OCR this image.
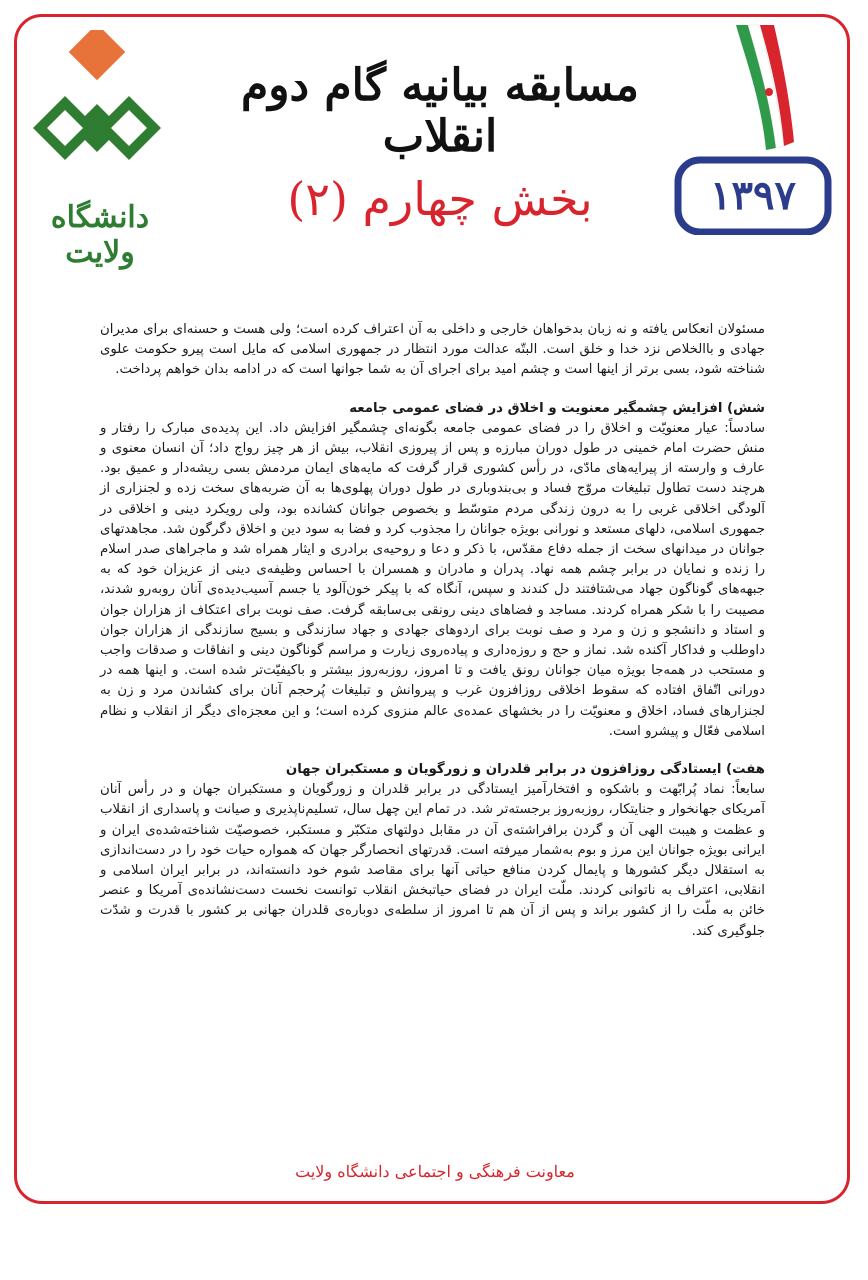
دانشگاه ولایت
۱۳۹۷
مسابقه بیانیه گام دوم انقلاب
بخش چهارم (۲)

مسئولان انعکاس یافته و نه زبان بدخواهان خارجی و داخلی به آن اعتراف کرده است؛ ولی هست و حسنه‌ای برای مدیران جهادی و باالخلاص نزد خدا و خلق است. البتّه عدالت مورد انتظار در جمهوری اسلامی که مایل است پیرو حکومت علوی شناخته شود، بسی برتر از اینها است و چشم امید برای اجرای آن به شما جوانها است که در ادامه بدان خواهم پرداخت.

شش) افزایش چشمگیر معنویت و اخلاق در فضای عمومی جامعه

سادساً: عیار معنویّت و اخلاق را در فضای عمومی جامعه بگونه‌ای چشمگیر افزایش داد. این پدیده‌ی مبارک را رفتار و منش حضرت امام خمینی در طول دوران مبارزه و پس از پیروزی انقلاب، بیش از هر چیز رواج داد؛ آن انسان معنوی و عارف و وارسته از پیرایه‌های مادّی، در رأس کشوری قرار گرفت که مایه‌های ایمان مردمش بسی ریشه‌دار و عمیق بود. هرچند دست تطاول تبلیغات مروّج فساد و بی‌بندوباری در طول دوران پهلوی‌ها به آن ضربه‌های سخت زده و لجنزاری از آلودگی اخلاقی غربی را به درون زندگی مردم متوسّط و بخصوص جوانان کشانده بود، ولی رویکرد دینی و اخلاقی در جمهوری اسلامی، دلهای مستعد و نورانی بویژه جوانان را مجذوب کرد و فضا به سود دین و اخلاق دگرگون شد. مجاهدتهای جوانان در میدانهای سخت از جمله دفاع مقدّس، با ذکر و دعا و روحیه‌ی برادری و ایثار همراه شد و ماجراهای صدر اسلام را زنده و نمایان در برابر چشم همه نهاد. پدران و مادران و همسران با احساس وظیفه‌ی دینی از عزیزان خود که به جبهه‌های گوناگون جهاد می‌شتافتند دل کندند و سپس، آنگاه که با پیکر خون‌آلود یا جسم آسیب‌دیده‌ی آنان روبه‌رو شدند، مصیبت را با شکر همراه کردند. مساجد و فضاهای دینی رونقی بی‌سابقه گرفت. صف نوبت برای اعتکاف از هزاران جوان و استاد و دانشجو و زن و مرد و صف نوبت برای اردوهای جهادی و جهاد سازندگی و بسیج سازندگی از هزاران جوان داوطلب و فداکار آکنده شد. نماز و حج و روزه‌داری و پیاده‌روی زیارت و مراسم گوناگون دینی و انفاقات و صدقات واجب و مستحب در همه‌جا بویژه میان جوانان رونق یافت و تا امروز، روزبه‌روز بیشتر و باکیفیّت‌تر شده است. و اینها همه در دورانی اتّفاق افتاده که سقوط اخلاقی روزافزون غرب و پیروانش و تبلیغات پُرحجم آنان برای کشاندن مرد و زن به لجنزارهای فساد، اخلاق و معنویّت را در بخشهای عمده‌ی عالم منزوی کرده است؛ و این معجزه‌ای دیگر از انقلاب و نظام اسلامی فعّال و پیشرو است.

هفت) ایستادگی روزافزون در برابر قلدران و زورگویان و مستکبران جهان

سابعاً: نماد پُرابّهت و باشکوه و افتخارآمیز ایستادگی در برابر قلدران و زورگویان و مستکبران جهان و در رأس آنان آمریکای جهانخوار و جنایتکار، روزبه‌روز برجسته‌تر شد. در تمام این چهل سال، تسلیم‌ناپذیری و صیانت و پاسداری از انقلاب و عظمت و هیبت الهی آن و گردن برافراشته‌ی آن در مقابل دولتهای متکبّر و مستکبر، خصوصیّت شناخته‌شده‌ی ایران و ایرانی بویژه جوانان این مرز و بوم به‌شمار میرفته است. قدرتهای انحصارگر جهان که همواره حیات خود را در دست‌اندازی به استقلال دیگر کشورها و پایمال کردن منافع حیاتی آنها برای مقاصد شوم خود دانسته‌اند، در برابر ایران اسلامی و انقلابی، اعتراف به ناتوانی کردند. ملّت ایران در فضای حیاتبخش انقلاب توانست نخست دست‌نشانده‌ی آمریکا و عنصر خائن به ملّت را از کشور براند و پس از آن هم تا امروز از سلطه‌ی دوباره‌ی قلدران جهانی بر کشور با قدرت و شدّت جلوگیری کند.

معاونت فرهنگی و اجتماعی دانشگاه ولایت
